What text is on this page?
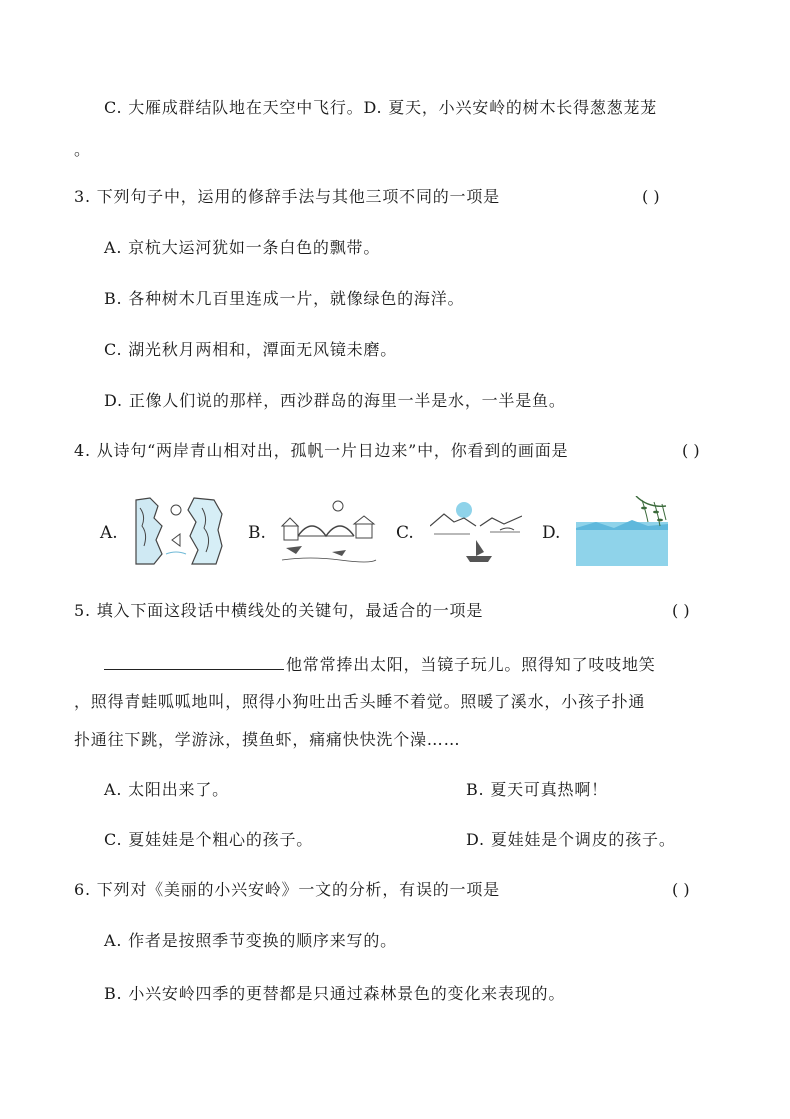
C. 大雁成群结队地在天空中飞行。D. 夏天，小兴安岭的树木长得葱葱茏茏
。
3. 下列句子中，运用的修辞手法与其他三项不同的一项是	( )
A. 京杭大运河犹如一条白色的飘带。
B. 各种树木几百里连成一片，就像绿色的海洋。
C. 湖光秋月两相和，潭面无风镜未磨。
D. 正像人们说的那样，西沙群岛的海里一半是水，一半是鱼。
4. 从诗句“两岸青山相对出，孤帆一片日边来”中，你看到的画面是	( )
A.	B.	C.	D.
5. 填入下面这段话中横线处的关键句，最适合的一项是	( )
他常常捧出太阳，当镜子玩儿。照得知了吱吱地笑
，照得青蛙呱呱地叫，照得小狗吐出舌头睡不着觉。照暖了溪水，小孩子扑通
扑通往下跳，学游泳，摸鱼虾，痛痛快快洗个澡……
A. 太阳出来了。	B. 夏天可真热啊！
C. 夏娃娃是个粗心的孩子。	D. 夏娃娃是个调皮的孩子。
6. 下列对《美丽的小兴安岭》一文的分析，有误的一项是	( )
A. 作者是按照季节变换的顺序来写的。
B. 小兴安岭四季的更替都是只通过森林景色的变化来表现的。
